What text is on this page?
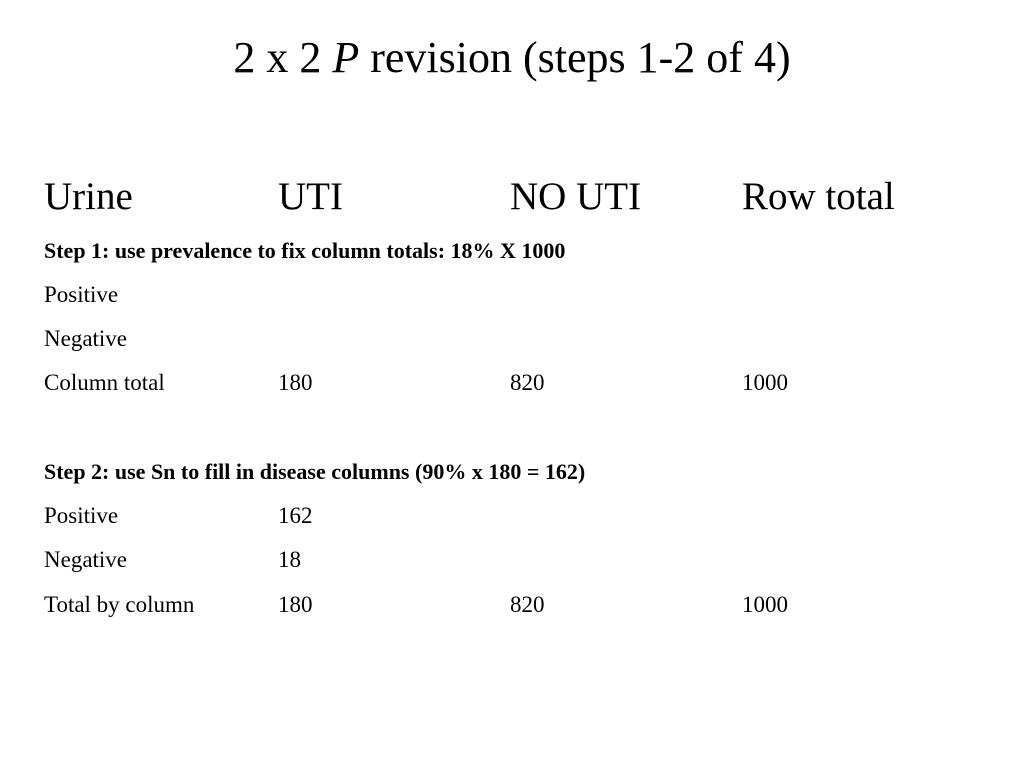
2 x 2 P revision (steps 1-2 of 4)
Urine	UTI	NO UTI	Row total
Step 1: use prevalence to fix column totals: 18% X 1000
Positive
Negative
Column total	180	820	1000
Step 2: use Sn to fill in disease columns (90% x 180 = 162)
Positive	162
Negative	18
Total by column	180	820	1000
